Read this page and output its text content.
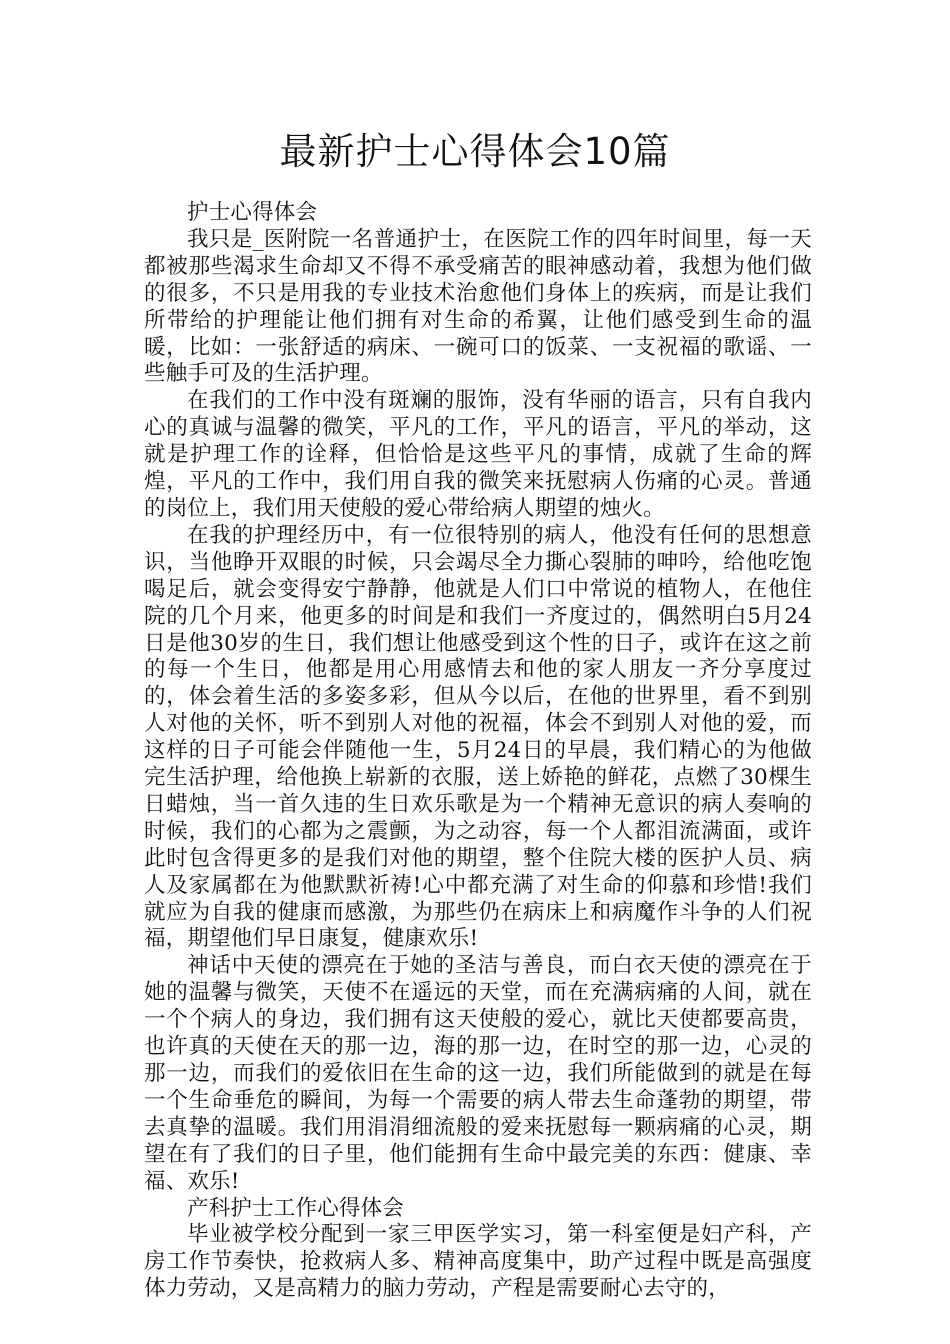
最新护士心得体会10篇

护士心得体会

我只是_医附院一名普通护士，在医院工作的四年时间里，每一天都被那些渴求生命却又不得不承受痛苦的眼神感动着，我想为他们做的很多，不只是用我的专业技术治愈他们身体上的疾病，而是让我们所带给的护理能让他们拥有对生命的希翼，让他们感受到生命的温暖，比如：一张舒适的病床、一碗可口的饭菜、一支祝福的歌谣、一些触手可及的生活护理。

在我们的工作中没有斑斓的服饰，没有华丽的语言，只有自我内心的真诚与温馨的微笑，平凡的工作，平凡的语言，平凡的举动，这就是护理工作的诠释，但恰恰是这些平凡的事情，成就了生命的辉煌，平凡的工作中，我们用自我的微笑来抚慰病人伤痛的心灵。普通的岗位上，我们用天使般的爱心带给病人期望的烛火。

在我的护理经历中，有一位很特别的病人，他没有任何的思想意识，当他睁开双眼的时候，只会竭尽全力撕心裂肺的呻吟，给他吃饱喝足后，就会变得安宁静静，他就是人们口中常说的植物人，在他住院的几个月来，他更多的时间是和我们一齐度过的，偶然明白5月24日是他30岁的生日，我们想让他感受到这个性的日子，或许在这之前的每一个生日，他都是用心用感情去和他的家人朋友一齐分享度过的，体会着生活的多姿多彩，但从今以后，在他的世界里，看不到别人对他的关怀，听不到别人对他的祝福，体会不到别人对他的爱，而这样的日子可能会伴随他一生，5月24日的早晨，我们精心的为他做完生活护理，给他换上崭新的衣服，送上娇艳的鲜花，点燃了30棵生日蜡烛，当一首久违的生日欢乐歌是为一个精神无意识的病人奏响的时候，我们的心都为之震颤，为之动容，每一个人都泪流满面，或许此时包含得更多的是我们对他的期望，整个住院大楼的医护人员、病人及家属都在为他默默祈祷!心中都充满了对生命的仰慕和珍惜!我们就应为自我的健康而感激，为那些仍在病床上和病魔作斗争的人们祝福，期望他们早日康复，健康欢乐!

神话中天使的漂亮在于她的圣洁与善良，而白衣天使的漂亮在于她的温馨与微笑，天使不在遥远的天堂，而在充满病痛的人间，就在一个个病人的身边，我们拥有这天使般的爱心，就比天使都要高贵，也许真的天使在天的那一边，海的那一边，在时空的那一边，心灵的那一边，而我们的爱依旧在生命的这一边，我们所能做到的就是在每一个生命垂危的瞬间，为每一个需要的病人带去生命蓬勃的期望，带去真挚的温暖。我们用涓涓细流般的爱来抚慰每一颗病痛的心灵，期望在有了我们的日子里，他们能拥有生命中最完美的东西：健康、幸福、欢乐!

产科护士工作心得体会

毕业被学校分配到一家三甲医学实习，第一科室便是妇产科，产房工作节奏快，抢救病人多、精神高度集中，助产过程中既是高强度体力劳动，又是高精力的脑力劳动，产程是需要耐心去守的，
